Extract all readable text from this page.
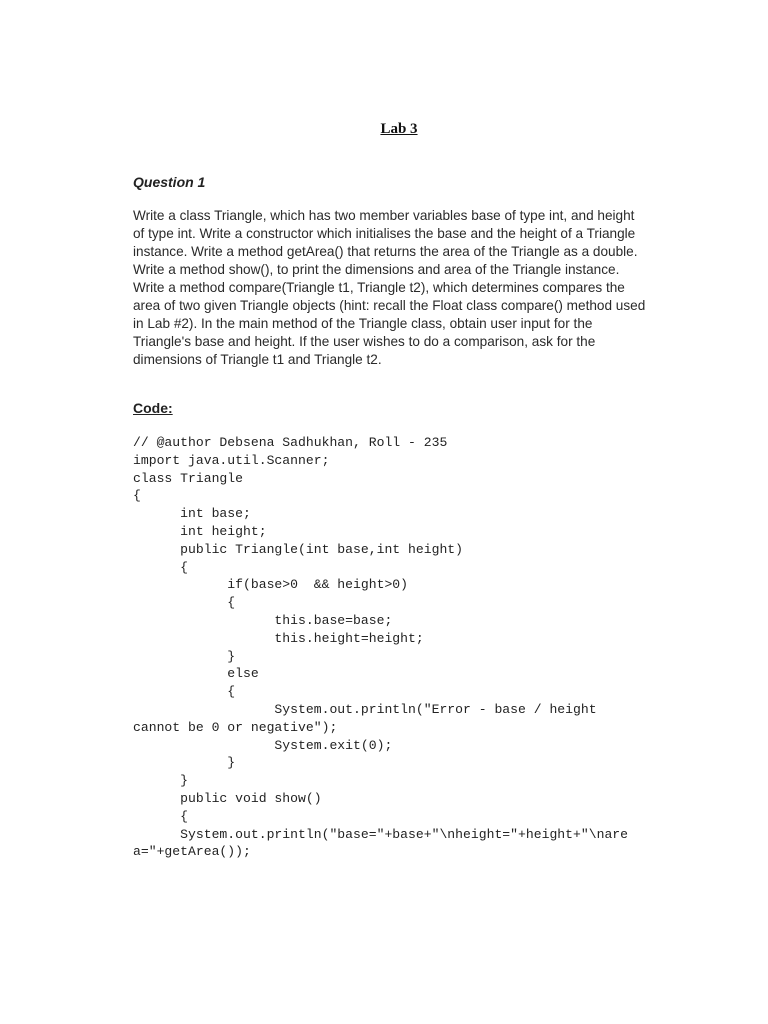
Lab 3
Question 1
Write a class Triangle, which has two member variables base of type int, and height
of type int. Write a constructor which initialises the base and the height of a Triangle
instance. Write a method getArea() that returns the area of the Triangle as a double.
Write a method show(), to print the dimensions and area of the Triangle instance.
Write a method compare(Triangle t1, Triangle t2), which determines compares the
area of two given Triangle objects (hint: recall the Float class compare() method used
in Lab #2). In the main method of the Triangle class, obtain user input for the
Triangle's base and height. If the user wishes to do a comparison, ask for the
dimensions of Triangle t1 and Triangle t2.
Code:
// @author Debsena Sadhukhan, Roll - 235
import java.util.Scanner;
class Triangle
{
int base;
int height;
public Triangle(int base,int height)
{
if(base>0  && height>0)
{
this.base=base;
this.height=height;
}
else
{
System.out.println("Error - base / height
cannot be 0 or negative");
System.exit(0);
}
}
public void show()
{
System.out.println("base="+base+"\nheight="+height+"\nare
a="+getArea());
